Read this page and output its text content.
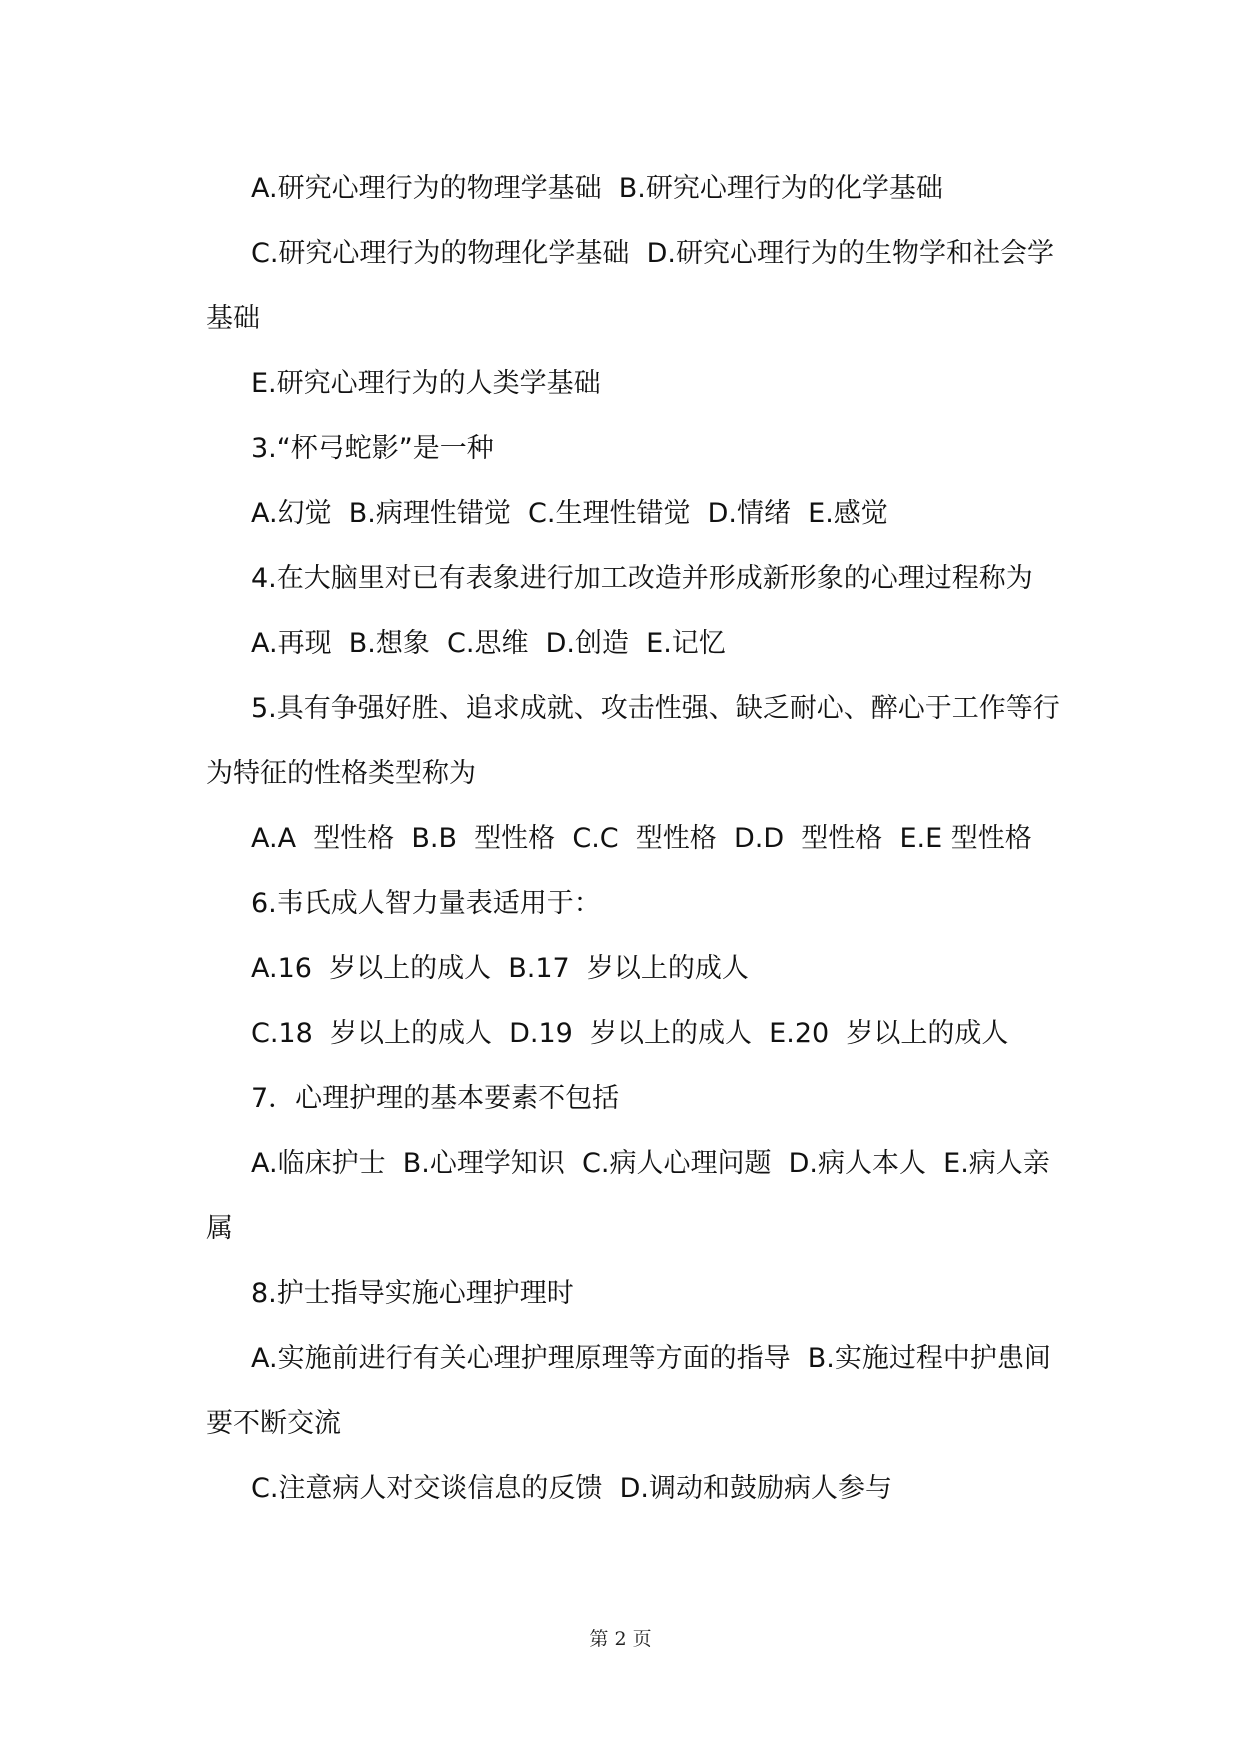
A.研究心理行为的物理学基础  B.研究心理行为的化学基础

C.研究心理行为的物理化学基础  D.研究心理行为的生物学和社会学基础

E.研究心理行为的人类学基础

3.“杯弓蛇影”是一种

A.幻觉  B.病理性错觉  C.生理性错觉  D.情绪  E.感觉

4.在大脑里对已有表象进行加工改造并形成新形象的心理过程称为

A.再现  B.想象  C.思维  D.创造  E.记忆

5.具有争强好胜、追求成就、攻击性强、缺乏耐心、醉心于工作等行为特征的性格类型称为

A.A  型性格  B.B  型性格  C.C  型性格  D.D  型性格  E.E 型性格

6.韦氏成人智力量表适用于：

A.16  岁以上的成人  B.17  岁以上的成人

C.18  岁以上的成人  D.19  岁以上的成人  E.20  岁以上的成人

7．心理护理的基本要素不包括

A.临床护士  B.心理学知识  C.病人心理问题  D.病人本人  E.病人亲属

8.护士指导实施心理护理时

A.实施前进行有关心理护理原理等方面的指导  B.实施过程中护患间要不断交流

C.注意病人对交谈信息的反馈  D.调动和鼓励病人参与

第 2 页
